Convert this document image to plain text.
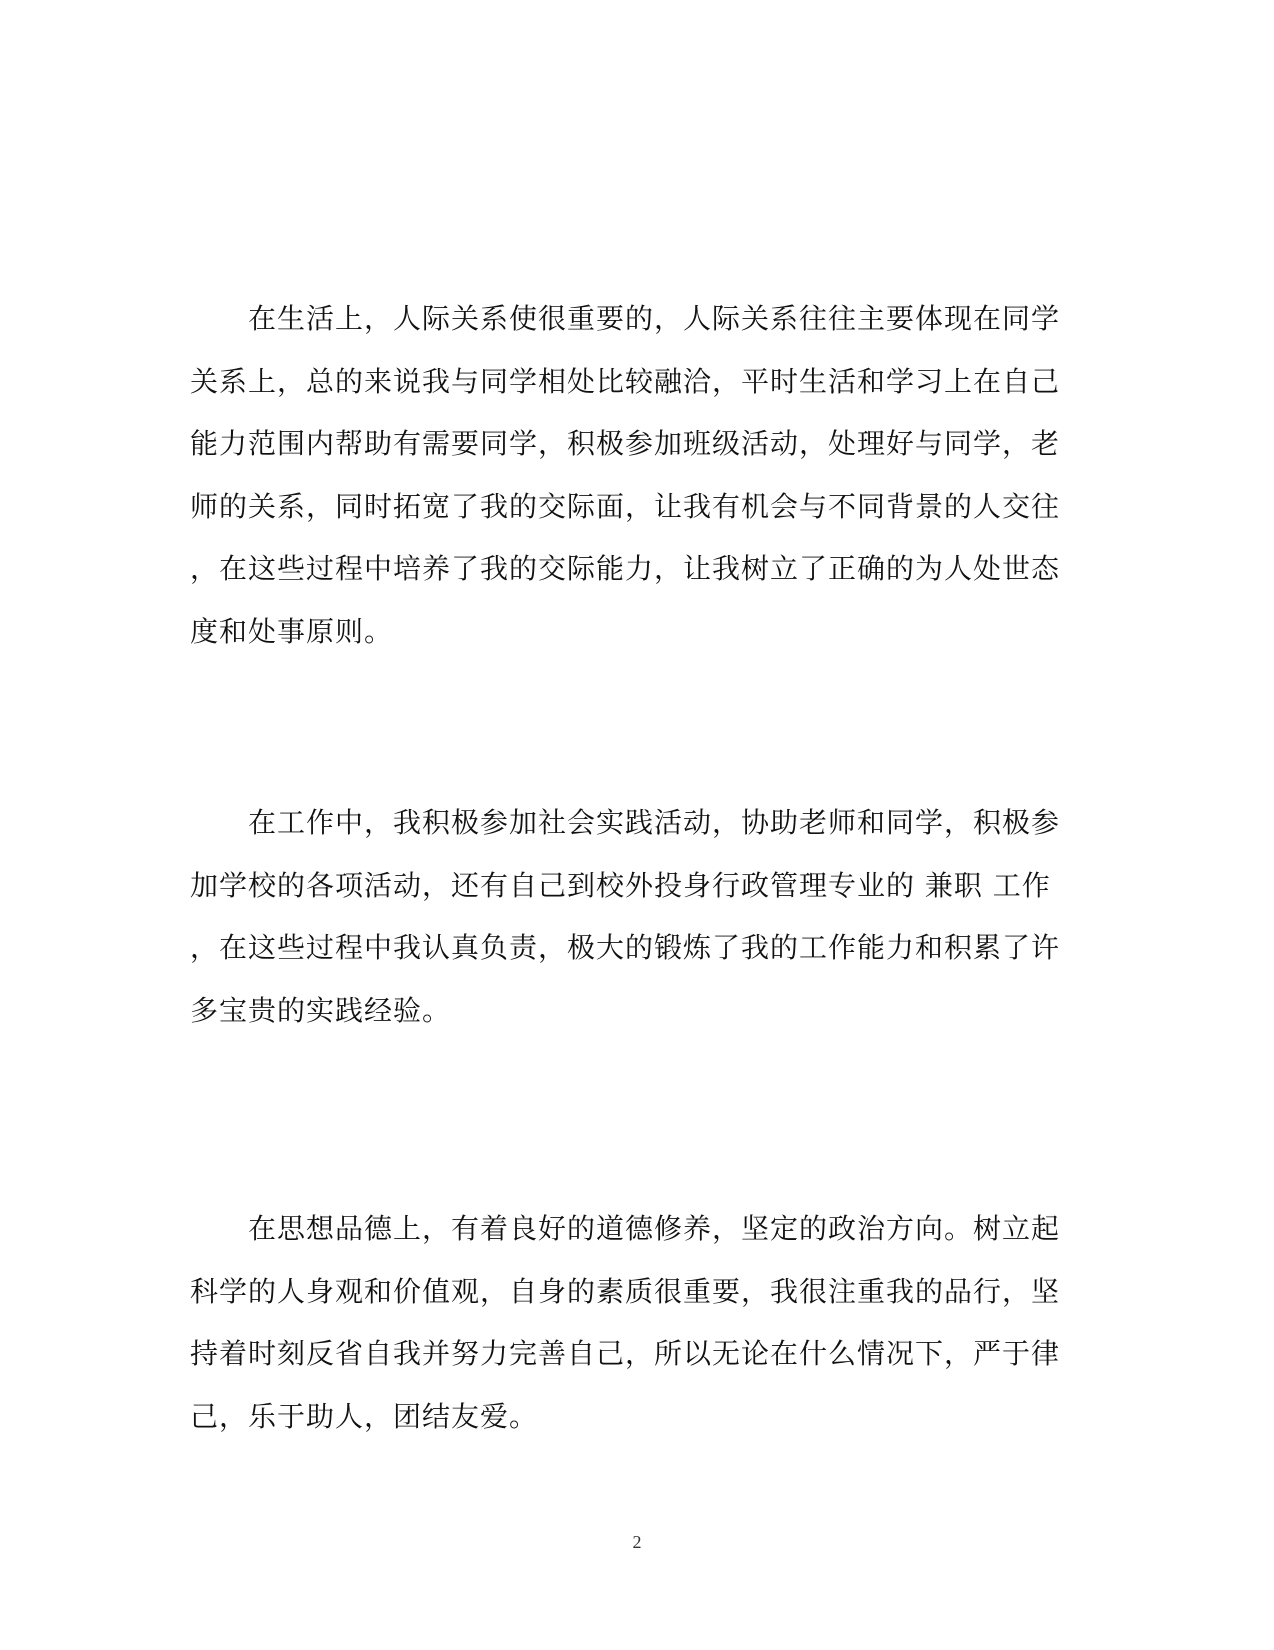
在生活上，人际关系使很重要的，人际关系往往主要体现在同学
关系上，总的来说我与同学相处比较融洽，平时生活和学习上在自己
能力范围内帮助有需要同学，积极参加班级活动，处理好与同学，老
师的关系，同时拓宽了我的交际面，让我有机会与不同背景的人交往
，在这些过程中培养了我的交际能力，让我树立了正确的为人处世态
度和处事原则。
在工作中，我积极参加社会实践活动，协助老师和同学，积极参
加学校的各项活动，还有自己到校外投身行政管理专业的 兼职 工作
，在这些过程中我认真负责，极大的锻炼了我的工作能力和积累了许
多宝贵的实践经验。
在思想品德上，有着良好的道德修养，坚定的政治方向。树立起
科学的人身观和价值观，自身的素质很重要，我很注重我的品行，坚
持着时刻反省自我并努力完善自己，所以无论在什么情况下，严于律
己，乐于助人，团结友爱。
2
